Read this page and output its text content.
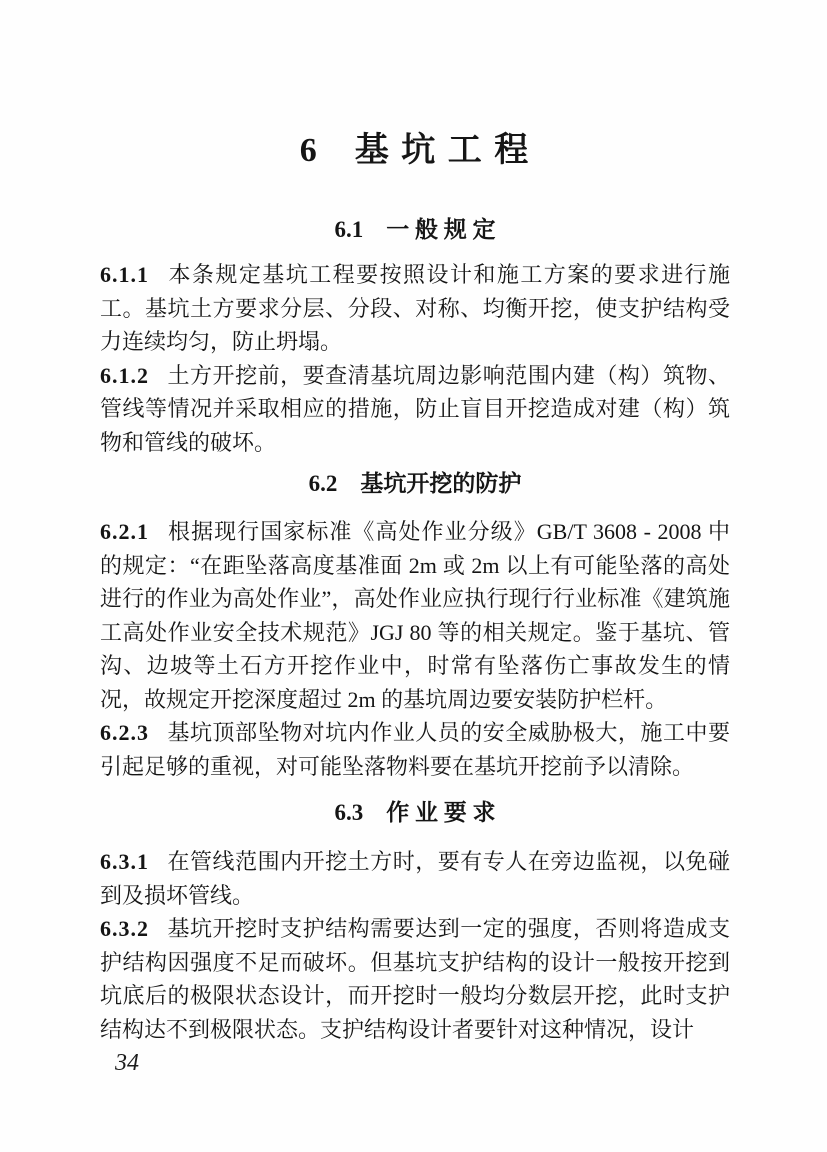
6　基 坑 工 程
6.1　一 般 规 定

6.1.1 本条规定基坑工程要按照设计和施工方案的要求进行施工。基坑土方要求分层、分段、对称、均衡开挖，使支护结构受力连续均匀，防止坍塌。

6.1.2 土方开挖前，要查清基坑周边影响范围内建（构）筑物、管线等情况并采取相应的措施，防止盲目开挖造成对建（构）筑物和管线的破坏。

6.2　基坑开挖的防护

6.2.1 根据现行国家标准《高处作业分级》GB/T 3608 - 2008 中的规定：“在距坠落高度基准面 2m 或 2m 以上有可能坠落的高处进行的作业为高处作业”，高处作业应执行现行行业标准《建筑施工高处作业安全技术规范》JGJ 80 等的相关规定。鉴于基坑、管沟、边坡等土石方开挖作业中，时常有坠落伤亡事故发生的情况，故规定开挖深度超过 2m 的基坑周边要安装防护栏杆。

6.2.3 基坑顶部坠物对坑内作业人员的安全威胁极大，施工中要引起足够的重视，对可能坠落物料要在基坑开挖前予以清除。

6.3　作 业 要 求

6.3.1 在管线范围内开挖土方时，要有专人在旁边监视，以免碰到及损坏管线。

6.3.2 基坑开挖时支护结构需要达到一定的强度，否则将造成支护结构因强度不足而破坏。但基坑支护结构的设计一般按开挖到坑底后的极限状态设计，而开挖时一般均分数层开挖，此时支护结构达不到极限状态。支护结构设计者要针对这种情况，设计

34
